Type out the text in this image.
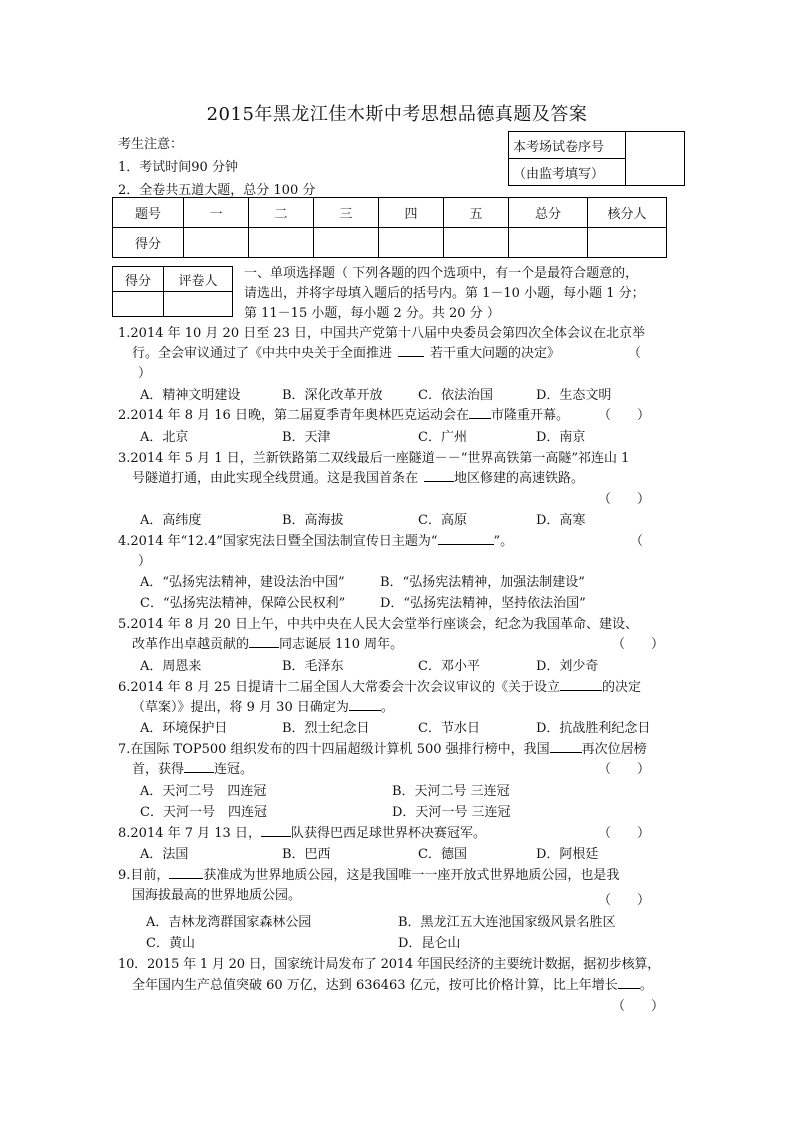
2015年黑龙江佳木斯中考思想品德真题及答案
考生注意：
1．考试时间90 分钟
2．全卷共五道大题，总分 100 分
本考场试卷序号	
（由监考填写）
题号	一	二	三	四	五	总分	核分人
得分							
得分	评卷人
	一、单项选择题（ 下列各题的四个选项中，有一个是最符合题意的，
请选出，并将字母填入题后的括号内。第 1－10 小题，每小题 1 分；
第 11－15 小题，每小题 2 分。共 20 分 ）
1.2014 年 10 月 20 日至 23 日，中国共产党第十八届中央委员会第四次全体会议在北京举
行。全会审议通过了《中共中央关于全面推进	若干重大问题的决定》	（
）
A．精神文明建设	B．深化改革开放	C．依法治国	D．生态文明
2.2014 年 8 月 16 日晚，第二届夏季青年奥林匹克运动会在 市隆重开幕。 （　　）
A．北京	B．天津	C．广州	D．南京
3.2014 年 5 月 1 日，兰新铁路第二双线最后一座隧道－－“世界高铁第一高隧”祁连山 1
号隧道打通，由此实现全线贯通。这是我国首条在	地区修建的高速铁路。
（　　）
A．高纬度	B．高海拔	C．高原	D．高寒
4.2014 年“12.4”国家宪法日暨全国法制宣传日主题为“	”。	（
）
A．“弘扬宪法精神，建设法治中国”	B．“弘扬宪法精神，加强法制建设”
C．“弘扬宪法精神，保障公民权利”	D．“弘扬宪法精神，坚持依法治国”
5.2014 年 8 月 20 日上午，中共中央在人民大会堂举行座谈会，纪念为我国革命、建设、
改革作出卓越贡献的 同志诞辰 110 周年。	（　　）
A．周恩来	B．毛泽东	C．邓小平	D．刘少奇
6.2014 年 8 月 25 日提请十二届全国人大常委会十次会议审议的《关于设立	的决定
（草案）》提出，将 9 月 30 日确定为 。
A．环境保护日	B．烈士纪念日	C．节水日	D．抗战胜利纪念日
7.在国际 TOP500 组织发布的四十四届超级计算机 500 强排行榜中，我国 再次位居榜
首，获得 连冠。	（　　）
A．天河二号　四连冠	B．天河二号 三连冠
C．天河一号　四连冠	D．天河一号 三连冠
8.2014 年 7 月 13 日， 队获得巴西足球世界杯决赛冠军。	（　　）
A．法国	B．巴西	C．德国	D．阿根廷
9.目前，	获准成为世界地质公园，这是我国唯一一座开放式世界地质公园，也是我
国海拔最高的世界地质公园。	（　　）
A．吉林龙湾群国家森林公园	B．黑龙江五大连池国家级风景名胜区
C．黄山	D．昆仑山
10．2015 年 1 月 20 日，国家统计局发布了 2014 年国民经济的主要统计数据，据初步核算，
全年国内生产总值突破 60 万亿，达到 636463 亿元，按可比价格计算，比上年增长 。
（　　）
